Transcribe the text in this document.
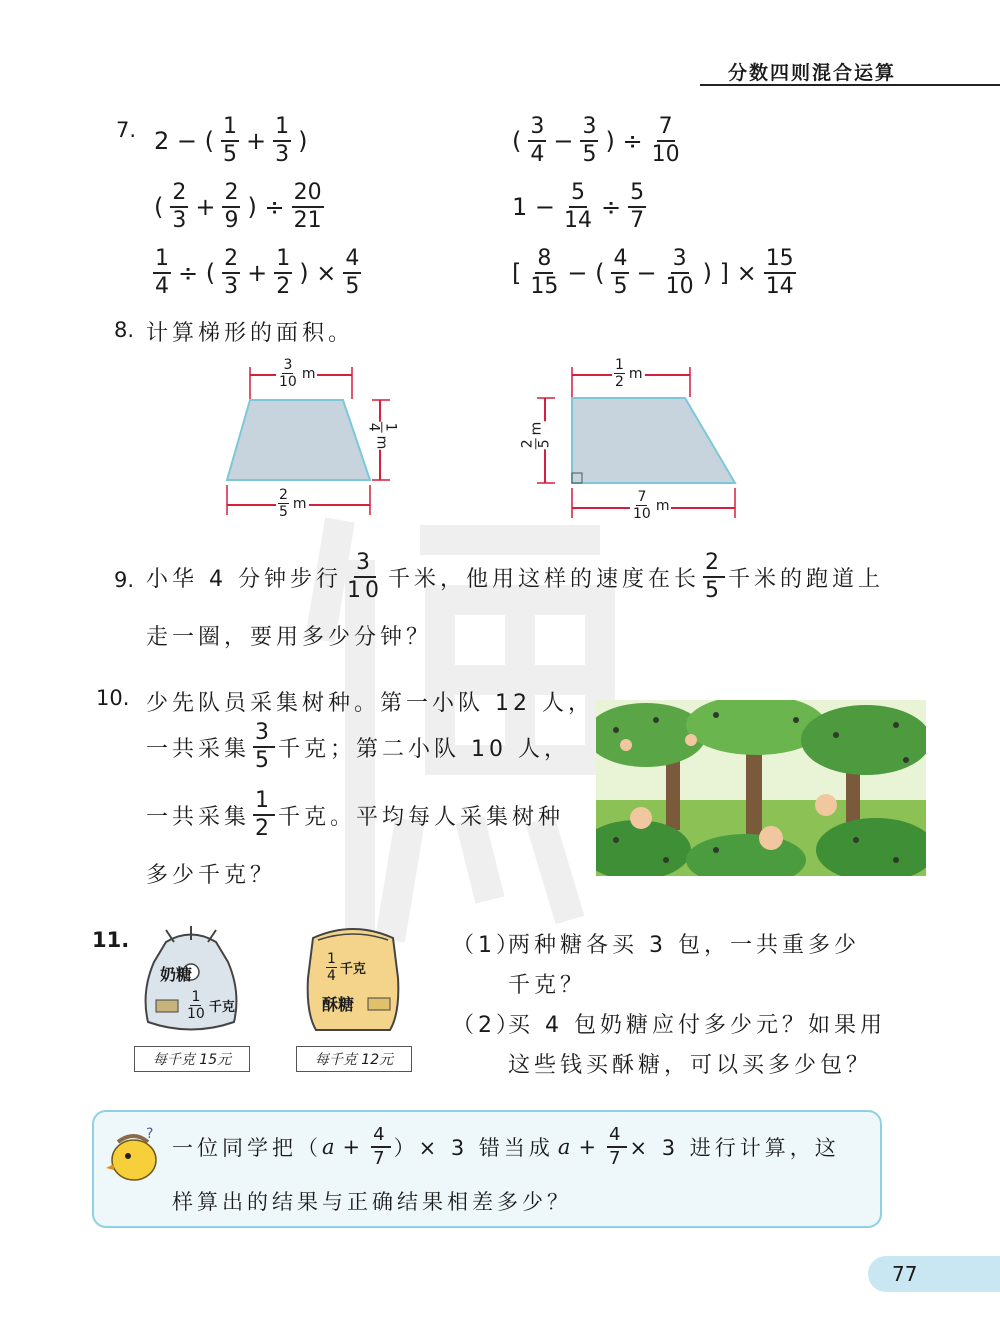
分数四则混合运算
7. 2 − ( $\frac{1}{5} + \frac{1}{3}$ )
( $\frac{2}{3} + \frac{2}{9}$ ) ÷ $\frac{20}{21}$
$\frac{1}{4}$ ÷ ( $\frac{2}{3} + \frac{1}{2}$ ) × $\frac{4}{5}$
( $\frac{3}{4} - \frac{3}{5}$ ) ÷ $\frac{7}{10}$
$1 - \frac{5}{14} \div \frac{5}{7}$
[ $\frac{8}{15}$ − ( $\frac{4}{5} - \frac{3}{10}$ ) ] × $\frac{15}{14}$
8. 计算梯形的面积。
$\frac{3}{10}$ m
$\frac{2}{5}$ m
1
4
m
$\frac{1}{2}$ m
$\frac{7}{10}$ m
2 5
m
9. 小华 4 分钟步行 $\frac{3}{10}$ 千米，他用这样的速度在长 $\frac{2}{5}$ 千米的跑道上
走一圈，要用多少分钟？
10. 少先队员采集树种。第一小队 12 人，
一共采集 $\frac{3}{5}$ 千克；第二小队 10 人，
一共采集 $\frac{1}{2}$ 千克。平均每人采集树种
多少千克？
11.
奶糖
$\frac{1}{10}$ 千克
每千克 15元
$\frac{1}{4}$ 千克
酥糖
每千克 12元
（1）
两种糖各买 3 包，一共重多少
千克？
（2）
买 4 包奶糖应付多少元？如果用
这些钱买酥糖，可以买多少包？
?
一位同学把（ $a + \frac{4}{7}$ ）× 3 错当成 $a + \frac{4}{7} \times 3$ 进行计算，这
样算出的结果与正确结果相差多少？
77
